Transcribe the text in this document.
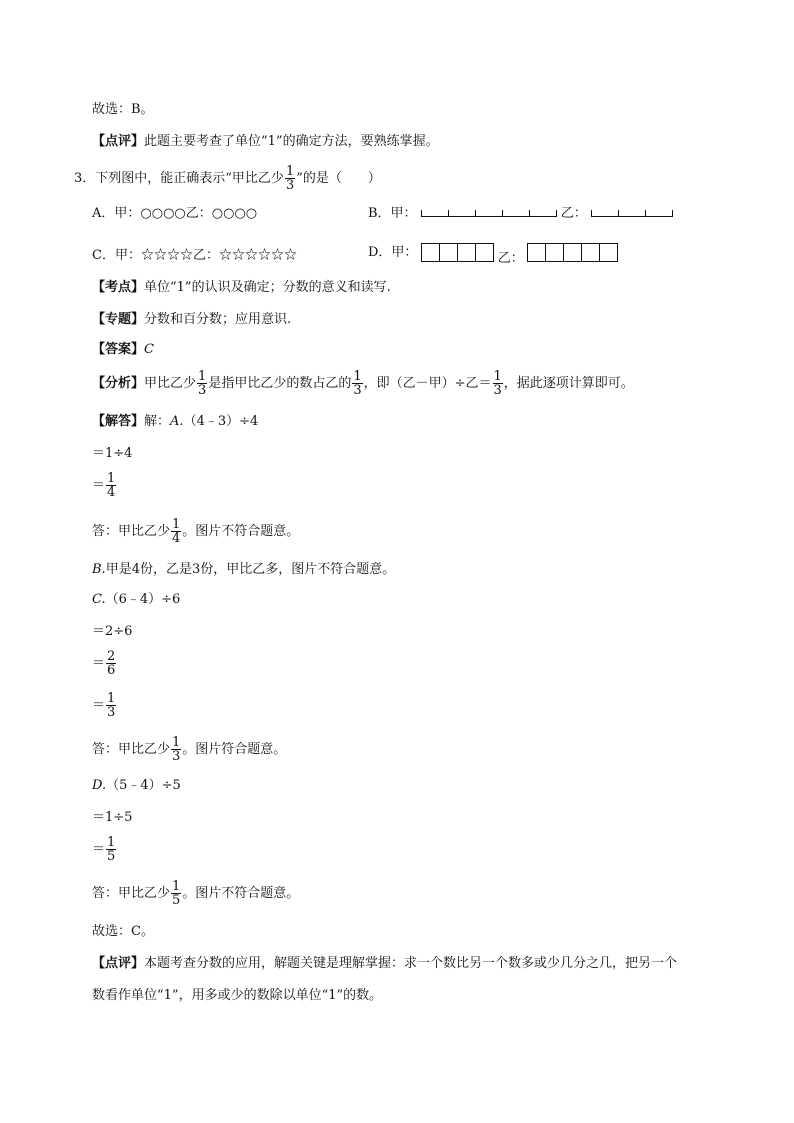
故选：B。
【点评】此题主要考查了单位“1”的确定方法，要熟练掌握。
3．下列图中，能正确表示“甲比乙少 $\frac{1}{3}$ ”的是（　　）
A．甲：○○○○乙：○○○○	B．甲：	乙：
C．甲：☆☆☆☆乙：☆☆☆☆☆☆	D．甲：	乙：
【考点】单位“1”的认识及确定；分数的意义和读写.
【专题】分数和百分数；应用意识.
【答案】C
【分析】甲比乙少 $\frac{1}{3}$ 是指甲比乙少的数占乙的 $\frac{1}{3}$ ，即（乙－甲）÷乙＝ $\frac{1}{3}$ ，据此逐项计算即可。
【解答】解：A.（4﹣3）÷4
＝1÷4
＝ $\frac{1}{4}$
答：甲比乙少 $\frac{1}{4}$ 。图片不符合题意。
B.甲是4份，乙是3份，甲比乙多，图片不符合题意。
C.（6﹣4）÷6
＝2÷6
＝ $\frac{2}{6}$
＝ $\frac{1}{3}$
答：甲比乙少 $\frac{1}{3}$ 。图片符合题意。
D.（5﹣4）÷5
＝1÷5
＝ $\frac{1}{5}$
答：甲比乙少 $\frac{1}{5}$ 。图片不符合题意。
故选：C。
【点评】本题考查分数的应用，解题关键是理解掌握：求一个数比另一个数多或少几分之几，把另一个
数看作单位“1”，用多或少的数除以单位“1”的数。
